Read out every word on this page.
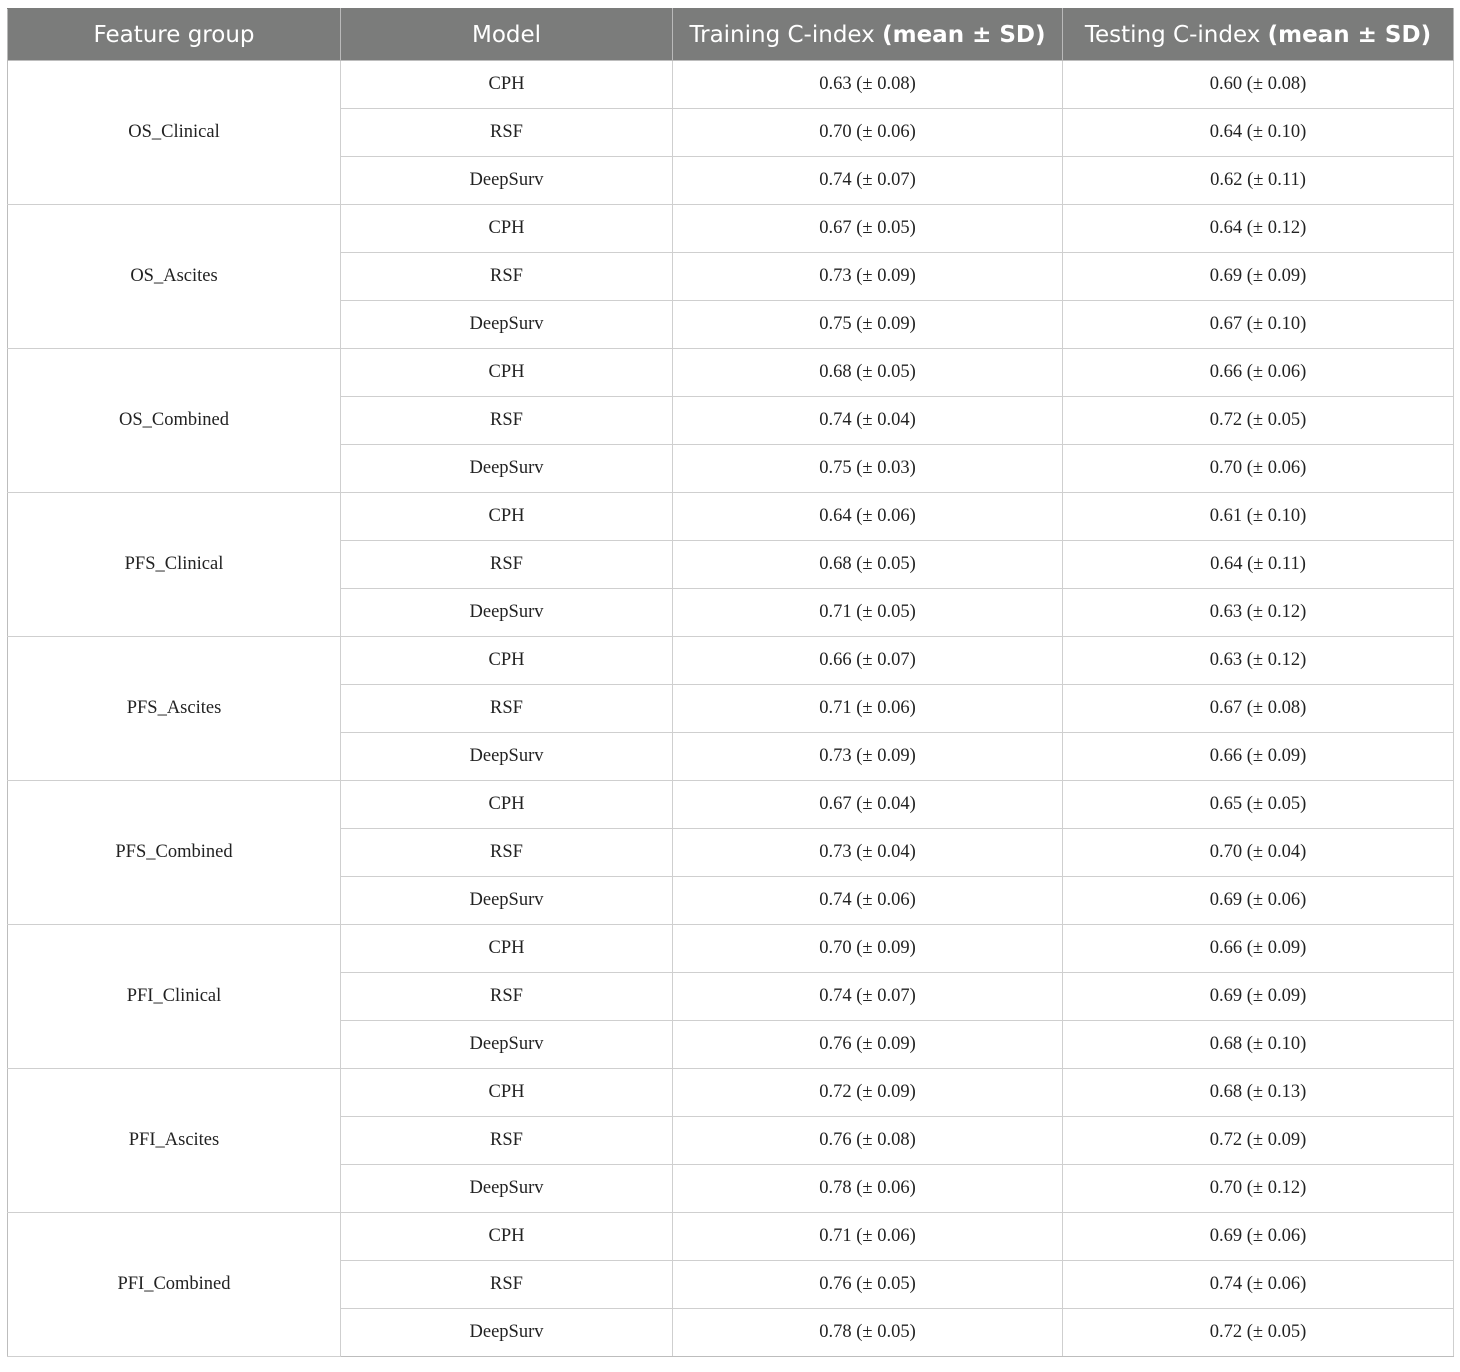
Feature group	Model	Training C-index (mean ± SD)	Testing C-index (mean ± SD)
OS_Clinical	CPH	0.63 (± 0.08)	0.60 (± 0.08)
	RSF	0.70 (± 0.06)	0.64 (± 0.10)
	DeepSurv	0.74 (± 0.07)	0.62 (± 0.11)
OS_Ascites	CPH	0.67 (± 0.05)	0.64 (± 0.12)
	RSF	0.73 (± 0.09)	0.69 (± 0.09)
	DeepSurv	0.75 (± 0.09)	0.67 (± 0.10)
OS_Combined	CPH	0.68 (± 0.05)	0.66 (± 0.06)
	RSF	0.74 (± 0.04)	0.72 (± 0.05)
	DeepSurv	0.75 (± 0.03)	0.70 (± 0.06)
PFS_Clinical	CPH	0.64 (± 0.06)	0.61 (± 0.10)
	RSF	0.68 (± 0.05)	0.64 (± 0.11)
	DeepSurv	0.71 (± 0.05)	0.63 (± 0.12)
PFS_Ascites	CPH	0.66 (± 0.07)	0.63 (± 0.12)
	RSF	0.71 (± 0.06)	0.67 (± 0.08)
	DeepSurv	0.73 (± 0.09)	0.66 (± 0.09)
PFS_Combined	CPH	0.67 (± 0.04)	0.65 (± 0.05)
	RSF	0.73 (± 0.04)	0.70 (± 0.04)
	DeepSurv	0.74 (± 0.06)	0.69 (± 0.06)
PFI_Clinical	CPH	0.70 (± 0.09)	0.66 (± 0.09)
	RSF	0.74 (± 0.07)	0.69 (± 0.09)
	DeepSurv	0.76 (± 0.09)	0.68 (± 0.10)
PFI_Ascites	CPH	0.72 (± 0.09)	0.68 (± 0.13)
	RSF	0.76 (± 0.08)	0.72 (± 0.09)
	DeepSurv	0.78 (± 0.06)	0.70 (± 0.12)
PFI_Combined	CPH	0.71 (± 0.06)	0.69 (± 0.06)
	RSF	0.76 (± 0.05)	0.74 (± 0.06)
	DeepSurv	0.78 (± 0.05)	0.72 (± 0.05)
